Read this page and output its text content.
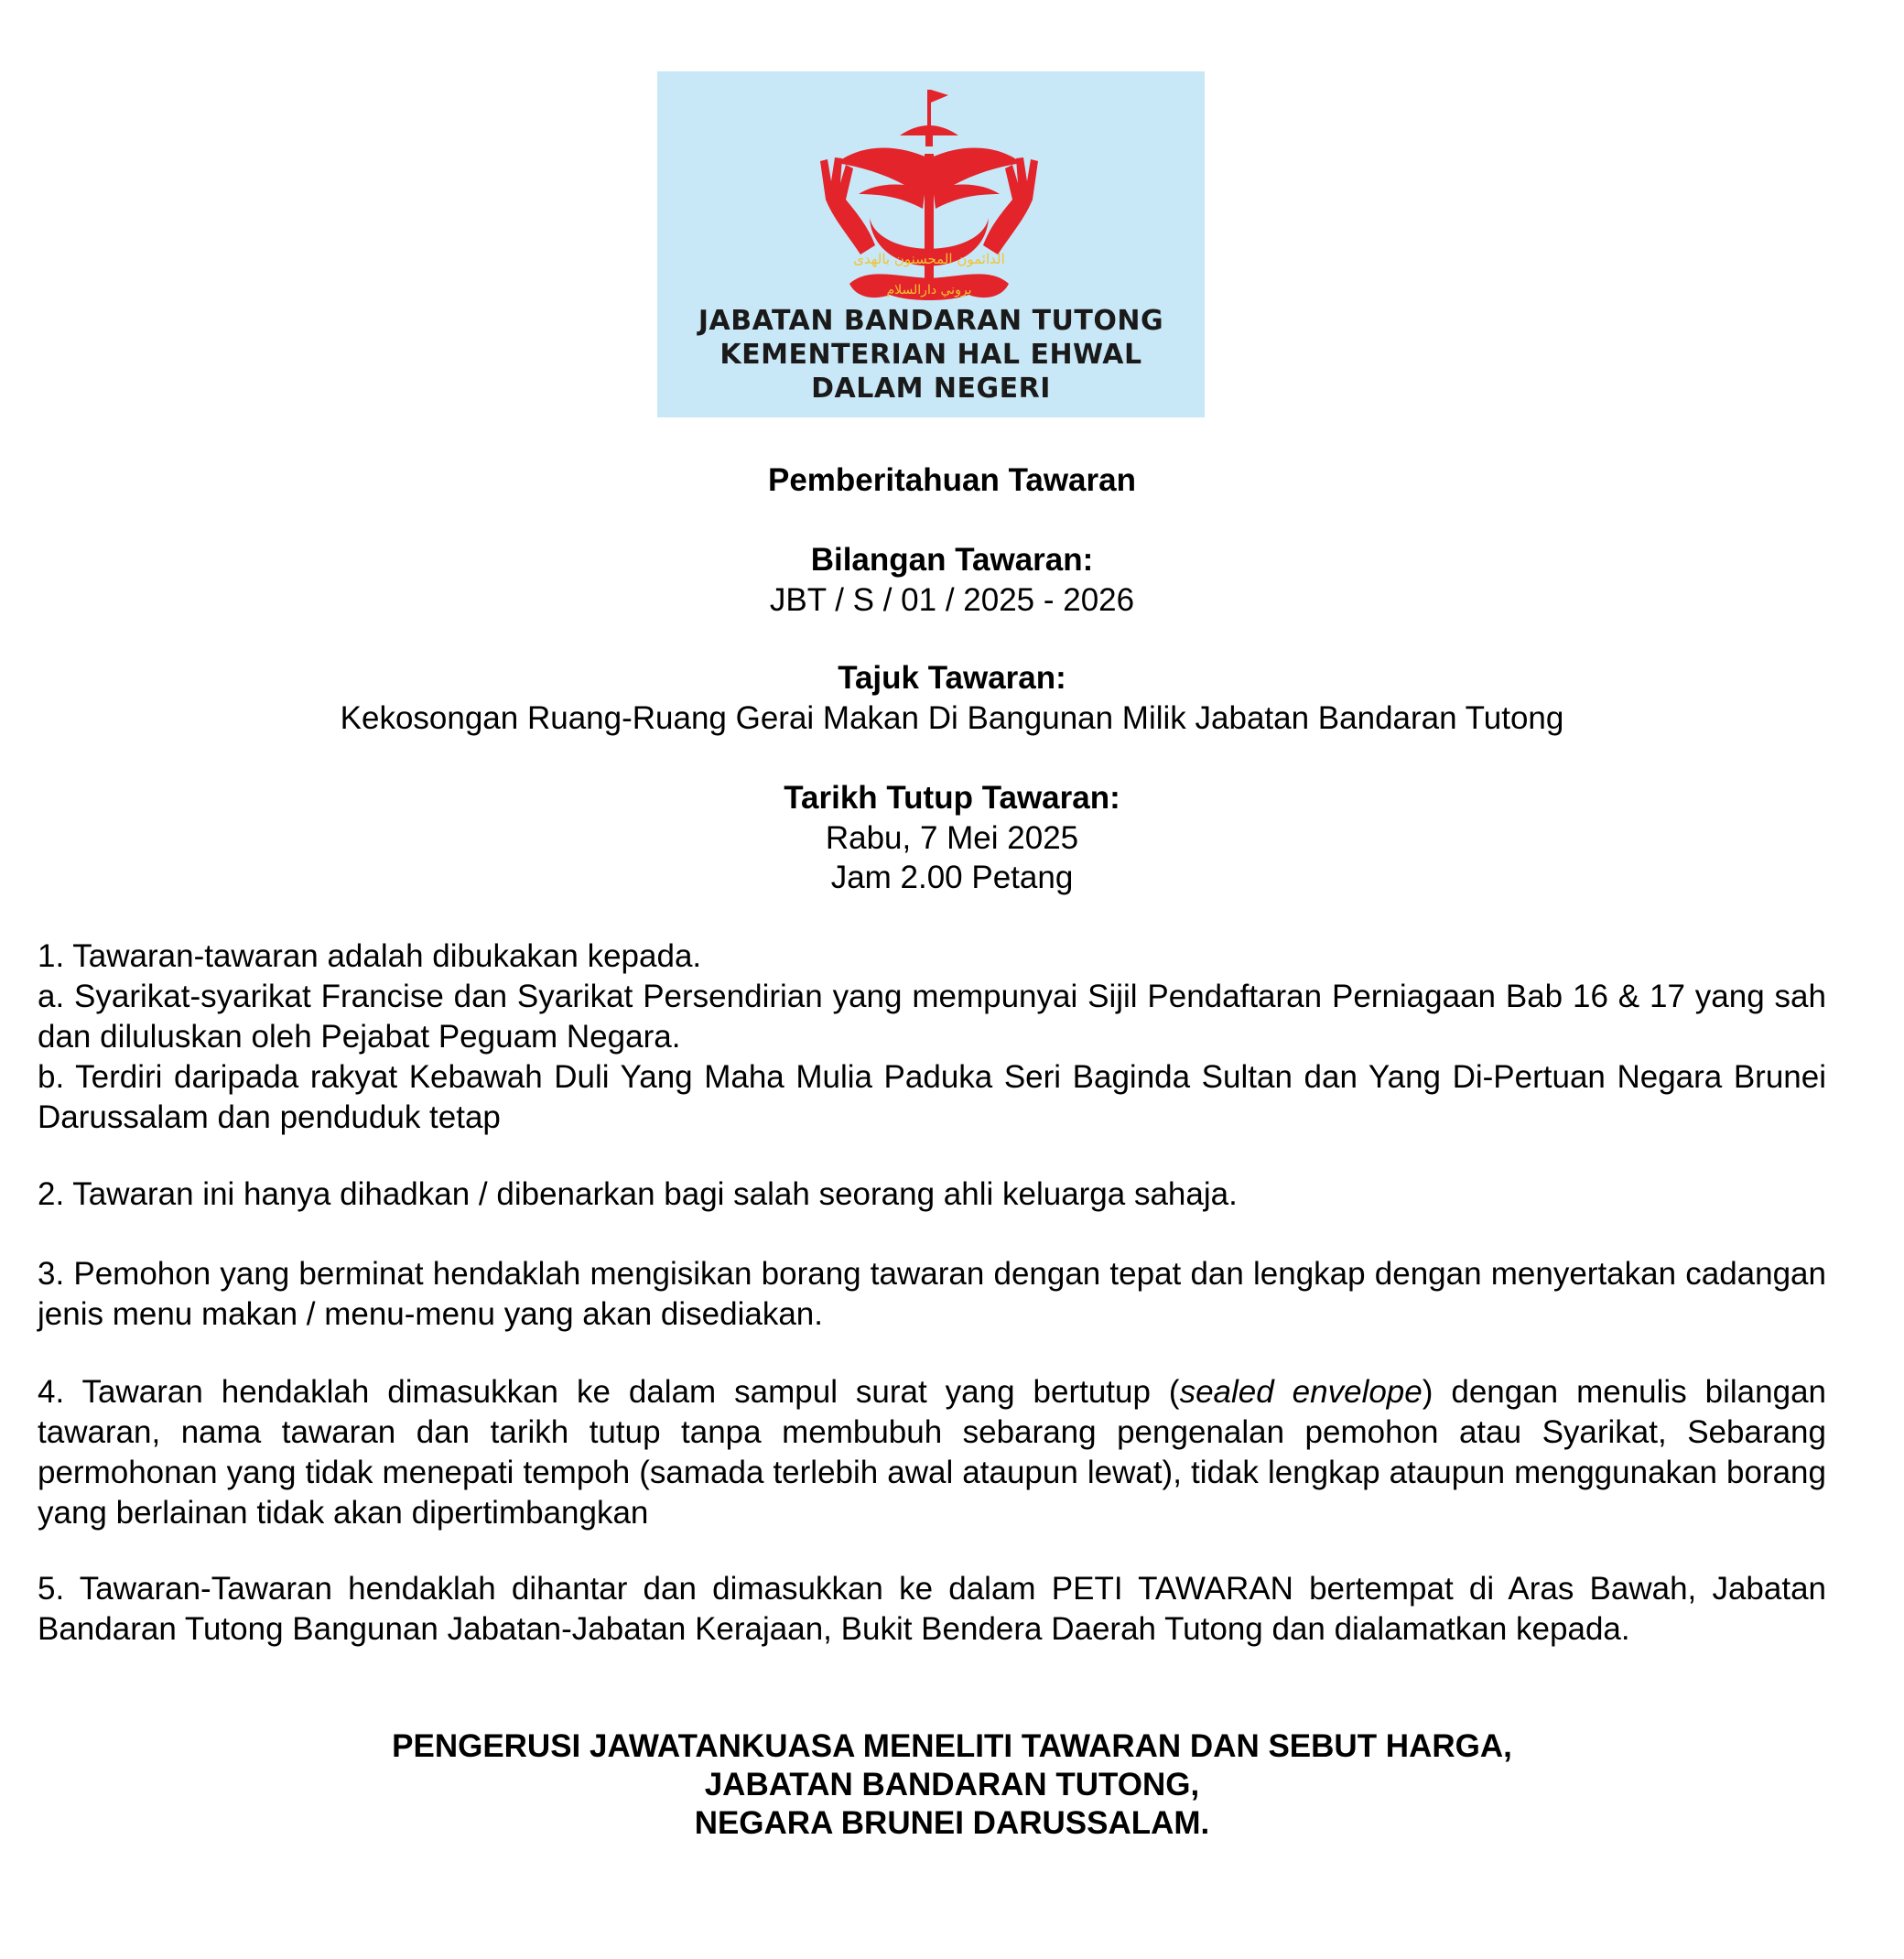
الدائمون المحسنون بالهدى
بروني دارالسلام
JABATAN BANDARAN TUTONG
KEMENTERIAN HAL EHWAL
DALAM NEGERI
Pemberitahuan Tawaran
Bilangan Tawaran:
JBT / S / 01 / 2025 - 2026
Tajuk Tawaran:
Kekosongan Ruang-Ruang Gerai Makan Di Bangunan Milik Jabatan Bandaran Tutong
Tarikh Tutup Tawaran:
Rabu, 7 Mei 2025
Jam 2.00 Petang

1. Tawaran-tawaran adalah dibukakan kepada.

a. Syarikat-syarikat Francise dan Syarikat Persendirian yang mempunyai Sijil Pendaftaran Perniagaan Bab 16 & 17 yang sah dan diluluskan oleh Pejabat Peguam Negara.

b. Terdiri daripada rakyat Kebawah Duli Yang Maha Mulia Paduka Seri Baginda Sultan dan Yang Di-Pertuan Negara Brunei Darussalam dan penduduk tetap

2. Tawaran ini hanya dihadkan / dibenarkan bagi salah seorang ahli keluarga sahaja.

3. Pemohon yang berminat hendaklah mengisikan borang tawaran dengan tepat dan lengkap dengan menyertakan cadangan jenis menu makan / menu-menu yang akan disediakan.

4. Tawaran hendaklah dimasukkan ke dalam sampul surat yang bertutup (sealed envelope) dengan menulis bilangan tawaran, nama tawaran dan tarikh tutup tanpa membubuh sebarang pengenalan pemohon atau Syarikat, Sebarang permohonan yang tidak menepati tempoh (samada terlebih awal ataupun lewat), tidak lengkap ataupun menggunakan borang yang berlainan tidak akan dipertimbangkan

5. Tawaran-Tawaran hendaklah dihantar dan dimasukkan ke dalam PETI TAWARAN bertempat di Aras Bawah, Jabatan Bandaran Tutong Bangunan Jabatan-Jabatan Kerajaan, Bukit Bendera Daerah Tutong dan dialamatkan kepada.

PENGERUSI JAWATANKUASA MENELITI TAWARAN DAN SEBUT HARGA,
JABATAN BANDARAN TUTONG,
NEGARA BRUNEI DARUSSALAM.
